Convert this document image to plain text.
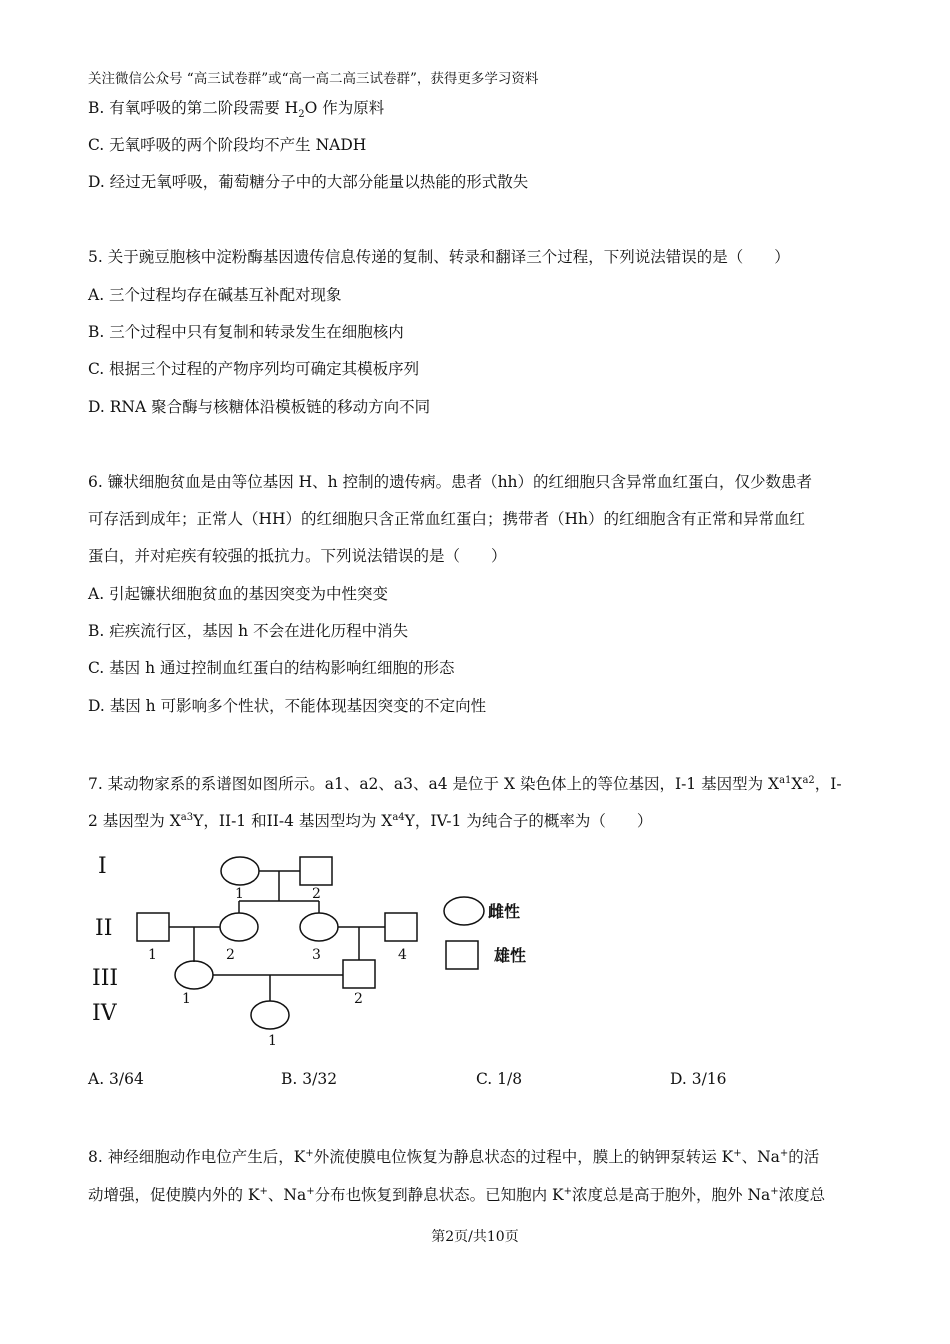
关注微信公众号 “高三试卷群”或“高一高二高三试卷群”，获得更多学习资料
B. 有氧呼吸的第二阶段需要 $H_2O$ 作为原料
C. 无氧呼吸的两个阶段均不产生 NADH
D. 经过无氧呼吸，葡萄糖分子中的大部分能量以热能的形式散失
5. 关于豌豆胞核中淀粉酶基因遗传信息传递的复制、转录和翻译三个过程，下列说法错误的是（　　）
A. 三个过程均存在碱基互补配对现象
B. 三个过程中只有复制和转录发生在细胞核内
C. 根据三个过程的产物序列均可确定其模板序列
D. RNA 聚合酶与核糖体沿模板链的移动方向不同
6. 镰状细胞贫血是由等位基因 H、h 控制的遗传病。患者（hh）的红细胞只含异常血红蛋白，仅少数患者
可存活到成年；正常人（HH）的红细胞只含正常血红蛋白；携带者（Hh）的红细胞含有正常和异常血红
蛋白，并对疟疾有较强的抵抗力。下列说法错误的是（　　）
A. 引起镰状细胞贫血的基因突变为中性突变
B. 疟疾流行区，基因 h 不会在进化历程中消失
C. 基因 h 通过控制血红蛋白的结构影响红细胞的形态
D. 基因 h 可影响多个性状，不能体现基因突变的不定向性
7. 某动物家系的系谱图如图所示。a1、a2、a3、a4 是位于 X 染色体上的等位基因，I-1 基因型为 $X^{a1}X^{a2}$，I-
2 基因型为 $X^{a3}Y$，II-1 和II-4 基因型均为 $X^{a4}Y$，IV-1 为纯合子的概率为（　　）
I
II
III
IV
1	2
1	2	3	4
1	2
1
雌性
雄性
A. 3/64	B. 3/32	C. 1/8	D. 3/16
8. 神经细胞动作电位产生后，K+外流使膜电位恢复为静息状态的过程中，膜上的钠钾泵转运 K+、Na+的活
动增强，促使膜内外的 K+、Na+分布也恢复到静息状态。已知胞内 K+浓度总是高于胞外，胞外 Na+浓度总
第2页/共10页
